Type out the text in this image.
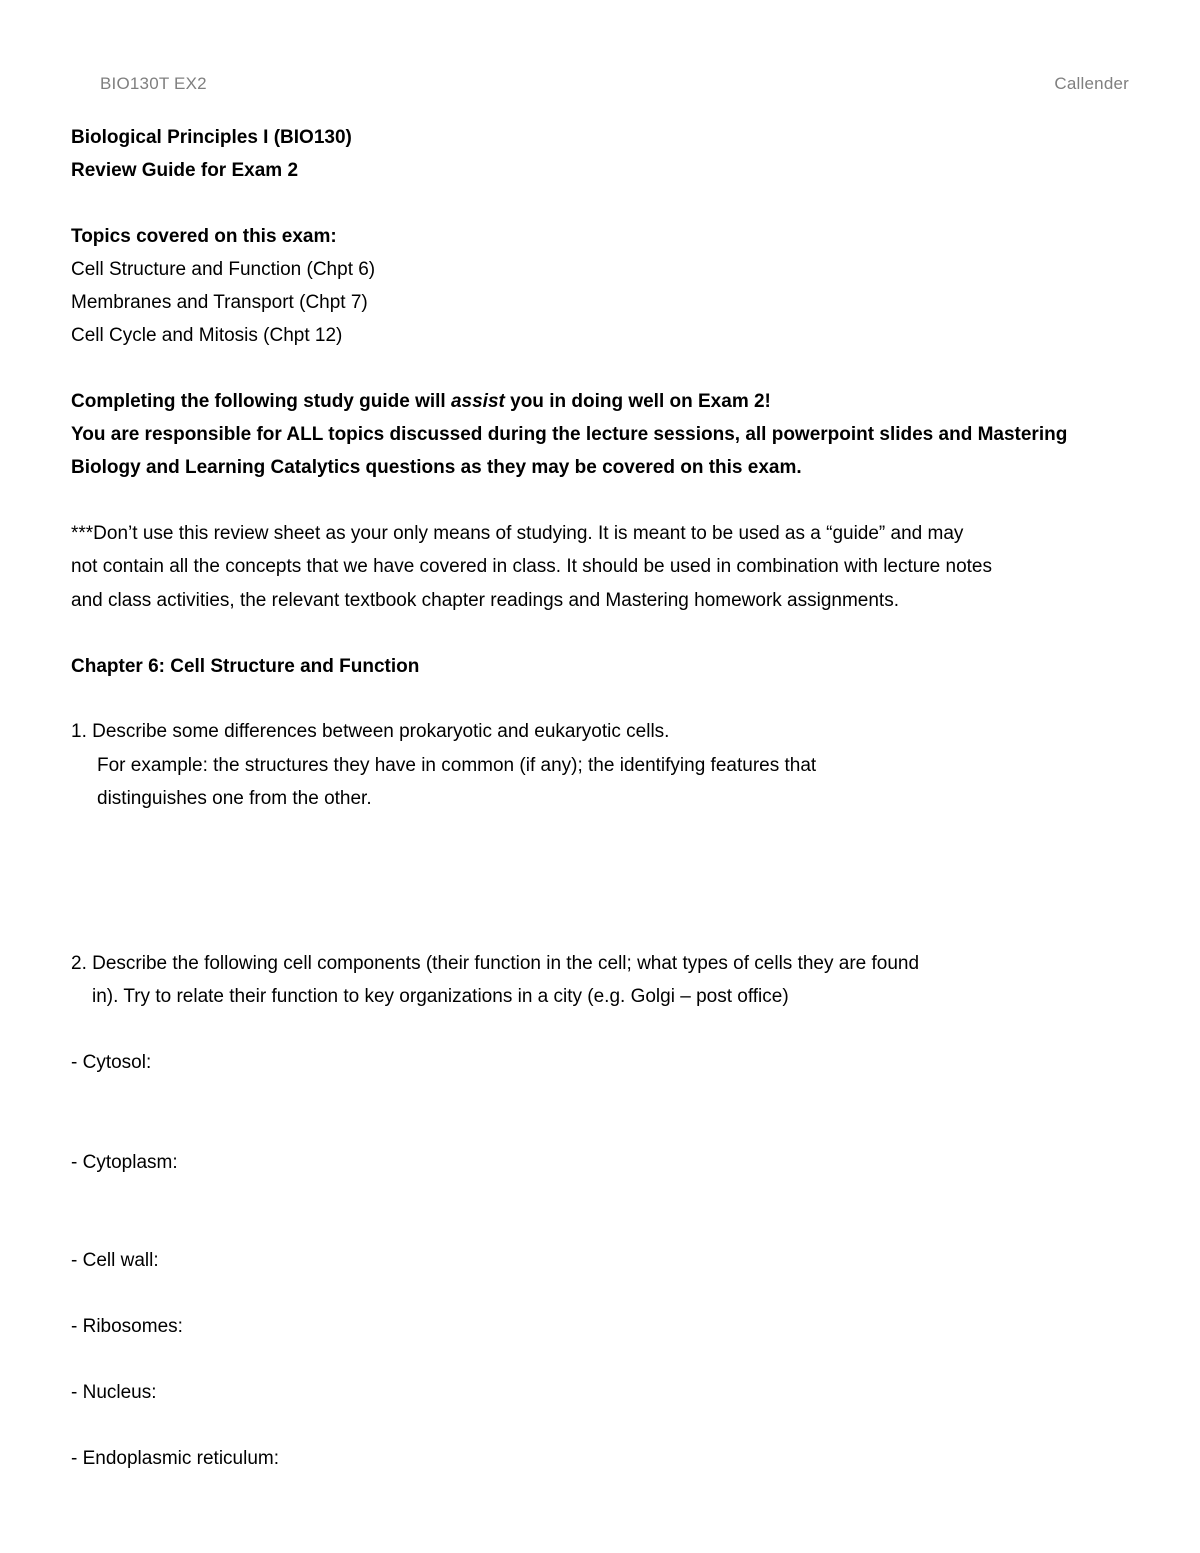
BIO130T EX2	Callender
Biological Principles I (BIO130)
Review Guide for Exam 2
Topics covered on this exam:
Cell Structure and Function (Chpt 6)
Membranes and Transport (Chpt 7)
Cell Cycle and Mitosis (Chpt 12)
Completing the following study guide will assist you in doing well on Exam 2!
You are responsible for ALL topics discussed during the lecture sessions, all powerpoint slides and Mastering
Biology and Learning Catalytics questions as they may be covered on this exam.
***Don’t use this review sheet as your only means of studying. It is meant to be used as a “guide” and may
not contain all the concepts that we have covered in class. It should be used in combination with lecture notes
and class activities, the relevant textbook chapter readings and Mastering homework assignments.
Chapter 6: Cell Structure and Function
1. Describe some differences between prokaryotic and eukaryotic cells.
For example: the structures they have in common (if any); the identifying features that
distinguishes one from the other.
2. Describe the following cell components (their function in the cell; what types of cells they are found
in). Try to relate their function to key organizations in a city (e.g. Golgi – post office)
- Cytosol:
- Cytoplasm:
- Cell wall:
- Ribosomes:
- Nucleus:
- Endoplasmic reticulum:
